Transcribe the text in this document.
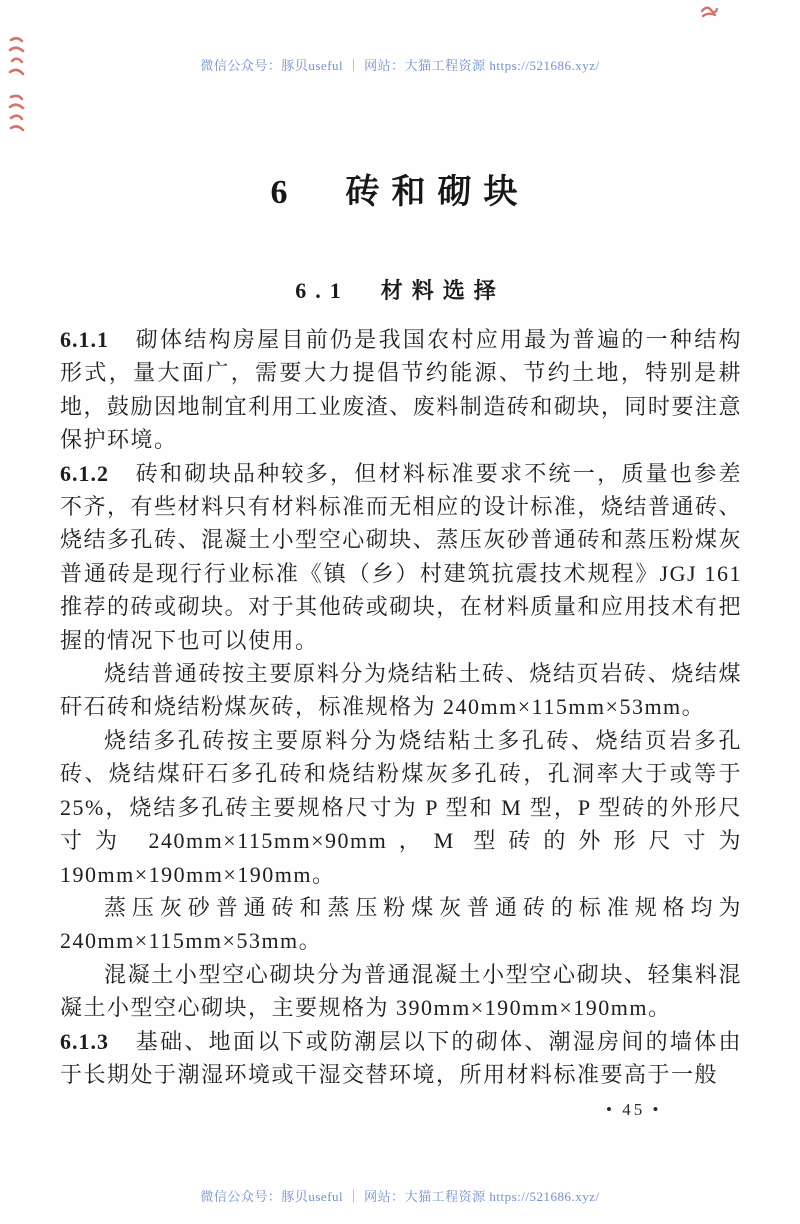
微信公众号：豚贝useful ｜ 网站：大猫工程资源 https://521686.xyz/
6　砖和砌块
6.1　材料选择

6.1.1 砌体结构房屋目前仍是我国农村应用最为普遍的一种结构形式，量大面广，需要大力提倡节约能源、节约土地，特别是耕地，鼓励因地制宜利用工业废渣、废料制造砖和砌块，同时要注意保护环境。

6.1.2 砖和砌块品种较多，但材料标准要求不统一，质量也参差不齐，有些材料只有材料标准而无相应的设计标准，烧结普通砖、烧结多孔砖、混凝土小型空心砌块、蒸压灰砂普通砖和蒸压粉煤灰普通砖是现行行业标准《镇（乡）村建筑抗震技术规程》JGJ 161 推荐的砖或砌块。对于其他砖或砌块，在材料质量和应用技术有把握的情况下也可以使用。

烧结普通砖按主要原料分为烧结粘土砖、烧结页岩砖、烧结煤矸石砖和烧结粉煤灰砖，标准规格为 240mm×115mm×53mm。

烧结多孔砖按主要原料分为烧结粘土多孔砖、烧结页岩多孔砖、烧结煤矸石多孔砖和烧结粉煤灰多孔砖，孔洞率大于或等于 25%，烧结多孔砖主要规格尺寸为 P 型和 M 型，P 型砖的外形尺寸为 240mm×115mm×90mm，M 型砖的外形尺寸为 190mm×190mm×190mm。

蒸压灰砂普通砖和蒸压粉煤灰普通砖的标准规格均为 240mm×115mm×53mm。

混凝土小型空心砌块分为普通混凝土小型空心砌块、轻集料混凝土小型空心砌块，主要规格为 390mm×190mm×190mm。

6.1.3 基础、地面以下或防潮层以下的砌体、潮湿房间的墙体由于长期处于潮湿环境或干湿交替环境，所用材料标准要高于一般

• 45 •
微信公众号：豚贝useful ｜ 网站：大猫工程资源 https://521686.xyz/
